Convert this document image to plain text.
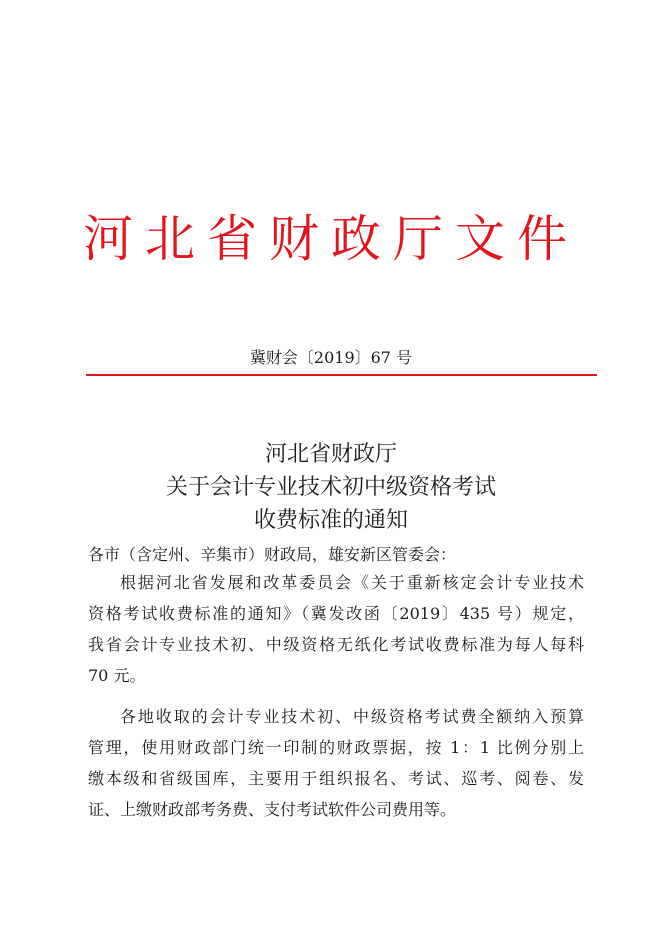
河北省财政厅文件
冀财会〔2019〕67 号
河北省财政厅
关于会计专业技术初中级资格考试
收费标准的通知
各市（含定州、辛集市）财政局，雄安新区管委会：
根据河北省发展和改革委员会《关于重新核定会计专业技术
资格考试收费标准的通知》（冀发改函〔2019〕435 号）规定，
我省会计专业技术初、中级资格无纸化考试收费标准为每人每科
70 元。
各地收取的会计专业技术初、中级资格考试费全额纳入预算
管理，使用财政部门统一印制的财政票据，按 1：1 比例分别上
缴本级和省级国库，主要用于组织报名、考试、巡考、阅卷、发
证、上缴财政部考务费、支付考试软件公司费用等。
